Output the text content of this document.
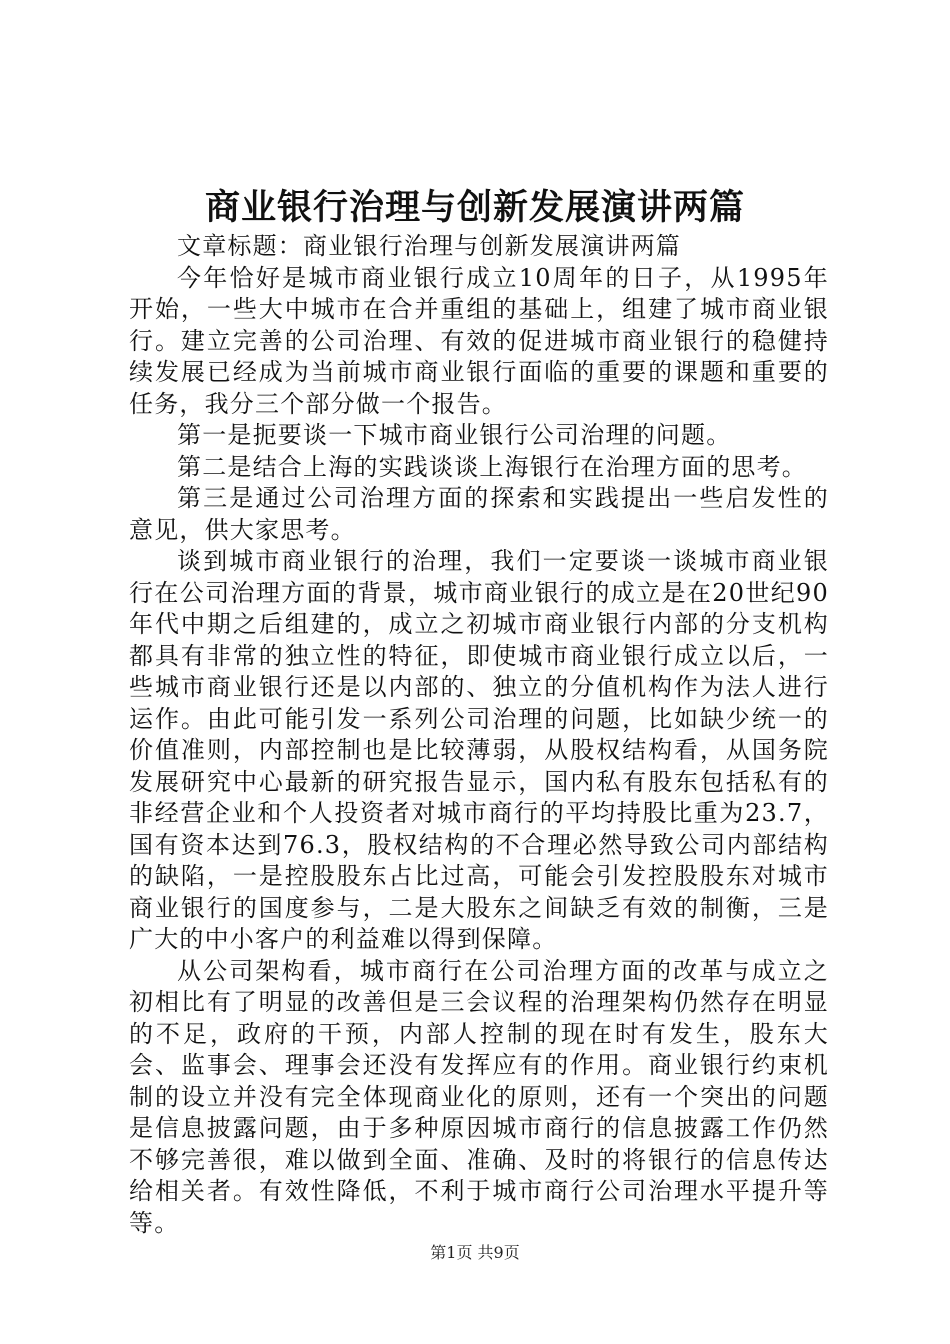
商业银行治理与创新发展演讲两篇

文章标题：商业银行治理与创新发展演讲两篇

今年恰好是城市商业银行成立10周年的日子，从1995年开始，一些大中城市在合并重组的基础上，组建了城市商业银行。建立完善的公司治理、有效的促进城市商业银行的稳健持续发展已经成为当前城市商业银行面临的重要的课题和重要的任务，我分三个部分做一个报告。

第一是扼要谈一下城市商业银行公司治理的问题。

第二是结合上海的实践谈谈上海银行在治理方面的思考。

第三是通过公司治理方面的探索和实践提出一些启发性的意见，供大家思考。

谈到城市商业银行的治理，我们一定要谈一谈城市商业银行在公司治理方面的背景，城市商业银行的成立是在20世纪90年代中期之后组建的，成立之初城市商业银行内部的分支机构都具有非常的独立性的特征，即使城市商业银行成立以后，一些城市商业银行还是以内部的、独立的分值机构作为法人进行运作。由此可能引发一系列公司治理的问题，比如缺少统一的价值准则，内部控制也是比较薄弱，从股权结构看，从国务院发展研究中心最新的研究报告显示，国内私有股东包括私有的非经营企业和个人投资者对城市商行的平均持股比重为23.7，国有资本达到76.3，股权结构的不合理必然导致公司内部结构的缺陷，一是控股股东占比过高，可能会引发控股股东对城市商业银行的国度参与，二是大股东之间缺乏有效的制衡，三是广大的中小客户的利益难以得到保障。

从公司架构看，城市商行在公司治理方面的改革与成立之初相比有了明显的改善但是三会议程的治理架构仍然存在明显的不足，政府的干预，内部人控制的现在时有发生，股东大会、监事会、理事会还没有发挥应有的作用。商业银行约束机制的设立并没有完全体现商业化的原则，还有一个突出的问题是信息披露问题，由于多种原因城市商行的信息披露工作仍然不够完善很，难以做到全面、准确、及时的将银行的信息传达给相关者。有效性降低，不利于城市商行公司治理水平提升等等。

第1页 共9页
